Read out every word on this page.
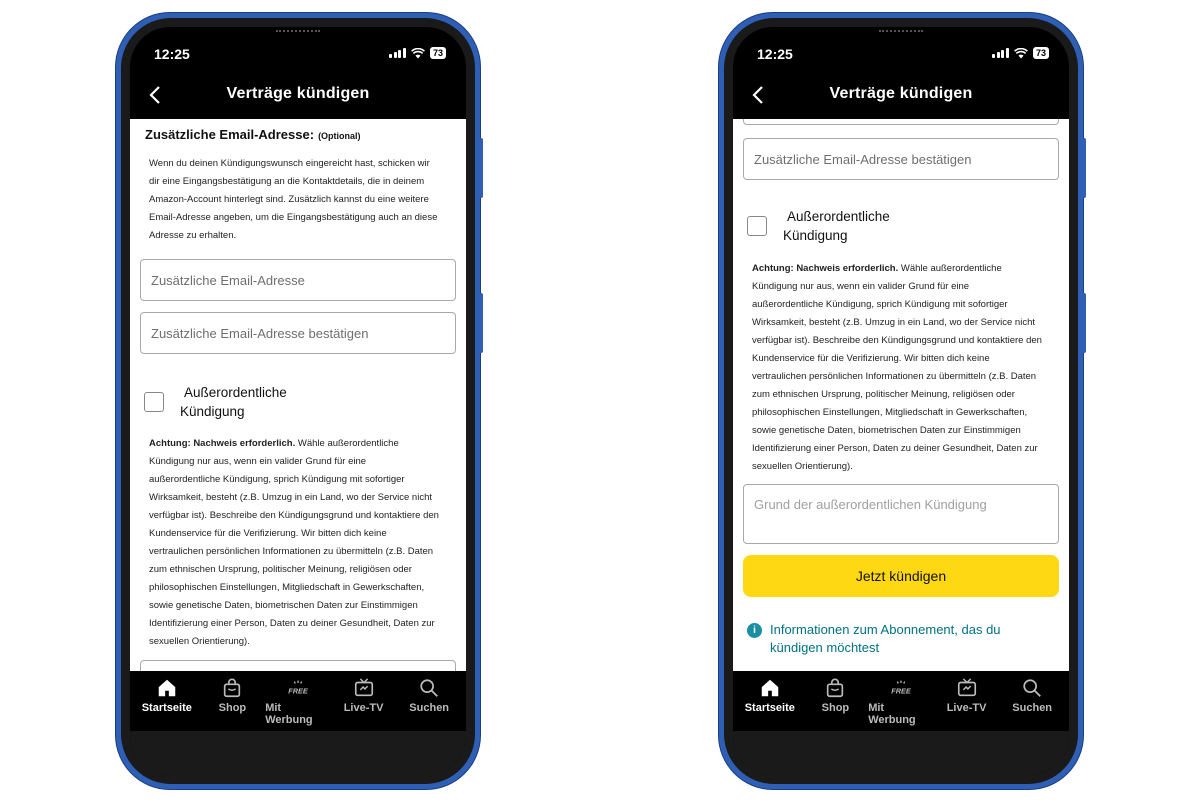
12:25	73
Verträge kündigen
Zusätzliche Email-Adresse: (Optional)
Wenn du deinen Kündigungswunsch eingereicht hast, schicken wir
dir eine Eingangsbestätigung an die Kontaktdetails, die in deinem
Amazon-Account hinterlegt sind. Zusätzlich kannst du eine weitere
Email-Adresse angeben, um die Eingangsbestätigung auch an diese
Adresse zu erhalten.
Zusätzliche Email-Adresse
Zusätzliche Email-Adresse bestätigen
Außerordentliche
Kündigung
Achtung: Nachweis erforderlich. Wähle außerordentliche
Kündigung nur aus, wenn ein valider Grund für eine
außerordentliche Kündigung, sprich Kündigung mit sofortiger
Wirksamkeit, besteht (z.B. Umzug in ein Land, wo der Service nicht
verfügbar ist). Beschreibe den Kündigungsgrund und kontaktiere den
Kundenservice für die Verifizierung. Wir bitten dich keine
vertraulichen persönlichen Informationen zu übermitteln (z.B. Daten
zum ethnischen Ursprung, politischer Meinung, religiösen oder
philosophischen Einstellungen, Mitgliedschaft in Gewerkschaften,
sowie genetische Daten, biometrischen Daten zur Einstimmigen
Identifizierung einer Person, Daten zu deiner Gesundheit, Daten zur
sexuellen Orientierung).
Startseite Shop
FREE
Mit Werbung
Live-TV Suchen
12:25	73
Verträge kündigen
Zusätzliche Email-Adresse bestätigen
Außerordentliche
Kündigung
Achtung: Nachweis erforderlich. Wähle außerordentliche
Kündigung nur aus, wenn ein valider Grund für eine
außerordentliche Kündigung, sprich Kündigung mit sofortiger
Wirksamkeit, besteht (z.B. Umzug in ein Land, wo der Service nicht
verfügbar ist). Beschreibe den Kündigungsgrund und kontaktiere den
Kundenservice für die Verifizierung. Wir bitten dich keine
vertraulichen persönlichen Informationen zu übermitteln (z.B. Daten
zum ethnischen Ursprung, politischer Meinung, religiösen oder
philosophischen Einstellungen, Mitgliedschaft in Gewerkschaften,
sowie genetische Daten, biometrischen Daten zur Einstimmigen
Identifizierung einer Person, Daten zu deiner Gesundheit, Daten zur
sexuellen Orientierung).
Grund der außerordentlichen Kündigung
Jetzt kündigen
i	Informationen zum Abonnement, das du
kündigen möchtest
Startseite Shop
FREE
Mit Werbung
Live-TV Suchen
